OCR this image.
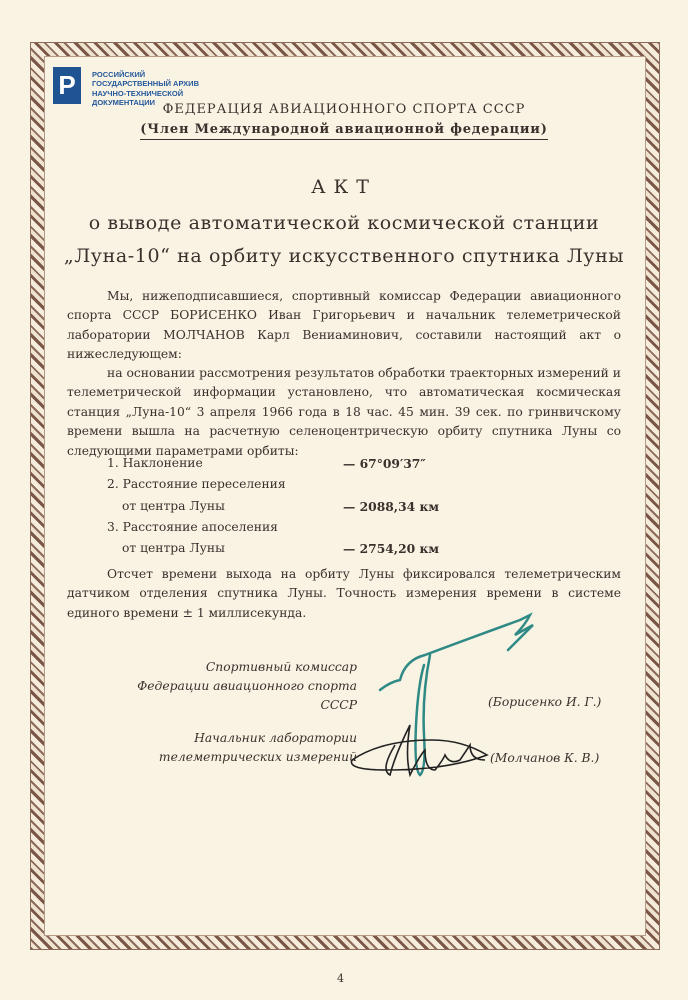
Р	РОССИЙСКИЙ
ГОСУДАРСТВЕННЫЙ АРХИВ
НАУЧНО-ТЕХНИЧЕСКОЙ
ДОКУМЕНТАЦИИ ФЕДЕРАЦИЯ АВИАЦИОННОГО СПОРТА СССР
(Член Международной авиационной федерации)
АКТ
о выводе автоматической космической станции
„Луна-10“ на орбиту искусственного спутника Луны

Мы, нижеподписавшиеся, спортивный комиссар Федерации авиационного спорта СССР БОРИСЕНКО Иван Григорьевич и начальник телеметрической лаборатории МОЛЧАНОВ Карл Вениаминович, составили настоящий акт о нижеследующем:

на основании рассмотрения результатов обработки траекторных измерений и телеметрической информации установлено, что автоматическая космическая станция „Луна-10“ 3 апреля 1966 года в 18 час. 45 мин. 39 сек. по гринвичскому времени вышла на расчетную селеноцентрическую орбиту спутника Луны со следующими параметрами орбиты:

1. Наклонение	— 67°09′37″
2. Расстояние переселения
от центра Луны	— 2088,34 км
3. Расстояние апоселения
от центра Луны	— 2754,20 км

Отсчет времени выхода на орбиту Луны фиксировался телеметрическим датчиком отделения спутника Луны. Точность измерения времени в системе единого времени ± 1 миллисекунда.

Спортивный комиссар
Федерации авиационного спорта
СССР	(Борисенко И. Г.)
Начальник лаборатории
телеметрических измерений	(Молчанов К. В.)
4
